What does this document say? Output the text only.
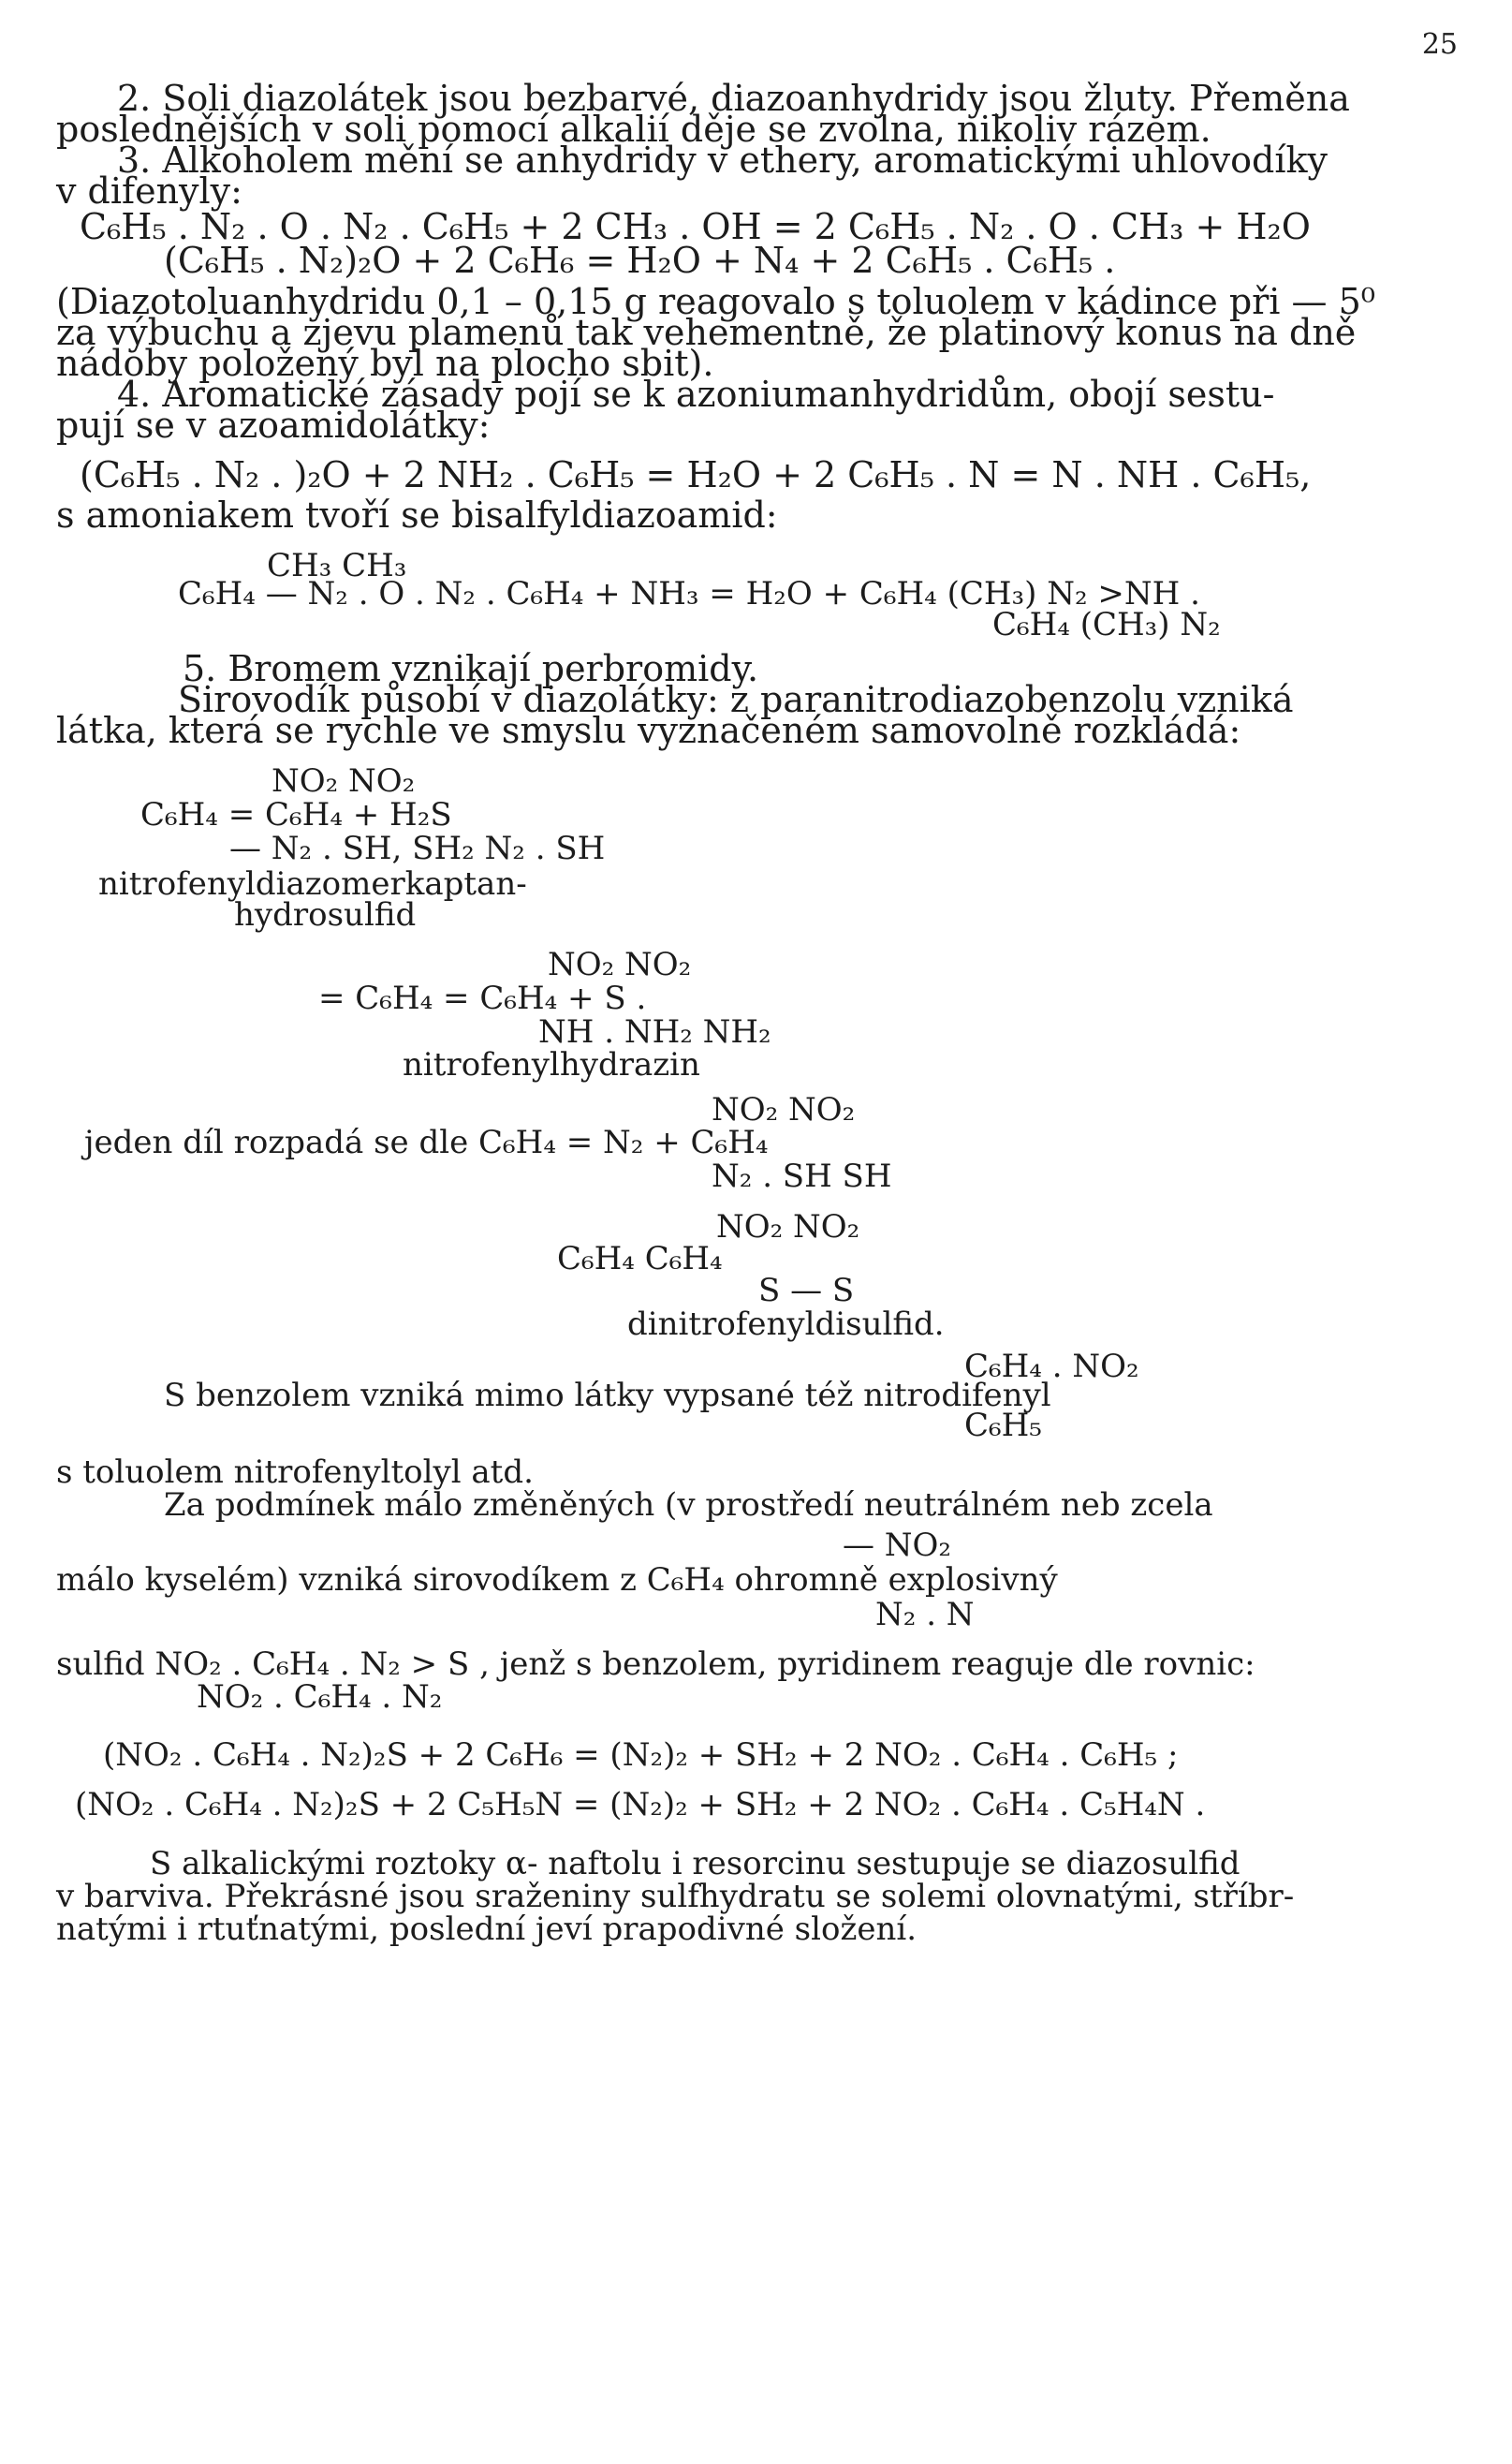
25
2. Soli diazolátek jsou bezbarvé, diazoanhydridy jsou žluty. Přeměna
poslednějších v soli pomocí alkalií děje se zvolna, nikoliv rázem.
3. Alkoholem mění se anhydridy v ethery, aromatickými uhlovodíky
v difenyly:
C₆H₅ . N₂ . O . N₂ . C₆H₅ + 2 CH₃ . OH = 2 C₆H₅ . N₂ . O . CH₃ + H₂O
(C₆H₅ . N₂)₂O + 2 C₆H₆ = H₂O + N₄ + 2 C₆H₅ . C₆H₅ .
(Diazotoluanhydridu 0,1 – 0,15 g reagovalo s toluolem v kádince při — 5⁰
za výbuchu a zjevu plamenů tak vehementně, že platinový konus na dně
nádoby položený byl na plocho sbit).
4. Aromatické zásady pojí se k azoniumanhydridům, obojí sestu-
pují se v azoamidolátky:
(C₆H₅ . N₂ . )₂O + 2 NH₂ . C₆H₅ = H₂O + 2 C₆H₅ . N = N . NH . C₆H₅,
s amoniakem tvoří se bisalfyldiazoamid:
CH₃ CH₃
C₆H₄ — N₂ . O . N₂ . C₆H₄ + NH₃ = H₂O + C₆H₄ (CH₃) N₂ >NH .
C₆H₄ (CH₃) N₂
5. Bromem vznikají perbromidy.
Sirovodík působí v diazolátky: z paranitrodiazobenzolu vzniká
látka, která se rychle ve smyslu vyznačeném samovolně rozkládá:
NO₂ NO₂
C₆H₄ = C₆H₄ + H₂S
— N₂ . SH, SH₂ N₂ . SH
nitrofenyldiazomerkaptan-
hydrosulfid
NO₂ NO₂
= C₆H₄ = C₆H₄ + S .
NH . NH₂ NH₂
nitrofenylhydrazin
NO₂ NO₂
jeden díl rozpadá se dle C₆H₄ = N₂ + C₆H₄
N₂ . SH SH
NO₂ NO₂
C₆H₄ C₆H₄
S — S
dinitrofenyldisulfid.
C₆H₄ . NO₂
S benzolem vzniká mimo látky vypsané též nitrodifenyl
C₆H₅
s toluolem nitrofenyltolyl atd.
Za podmínek málo změněných (v prostředí neutrálném neb zcela
— NO₂
málo kyselém) vzniká sirovodíkem z C₆H₄ ohromně explosivný
N₂ . N
sulfid NO₂ . C₆H₄ . N₂ > S , jenž s benzolem, pyridinem reaguje dle rovnic:
NO₂ . C₆H₄ . N₂
(NO₂ . C₆H₄ . N₂)₂S + 2 C₆H₆ = (N₂)₂ + SH₂ + 2 NO₂ . C₆H₄ . C₆H₅ ;
(NO₂ . C₆H₄ . N₂)₂S + 2 C₅H₅N = (N₂)₂ + SH₂ + 2 NO₂ . C₆H₄ . C₅H₄N .
S alkalickými roztoky α- naftolu i resorcinu sestupuje se diazosulfid
v barviva. Překrásné jsou sraženiny sulfhydratu se solemi olovnatými, stříbr-
natými i rtuťnatými, poslední jeví prapodivné složení.
